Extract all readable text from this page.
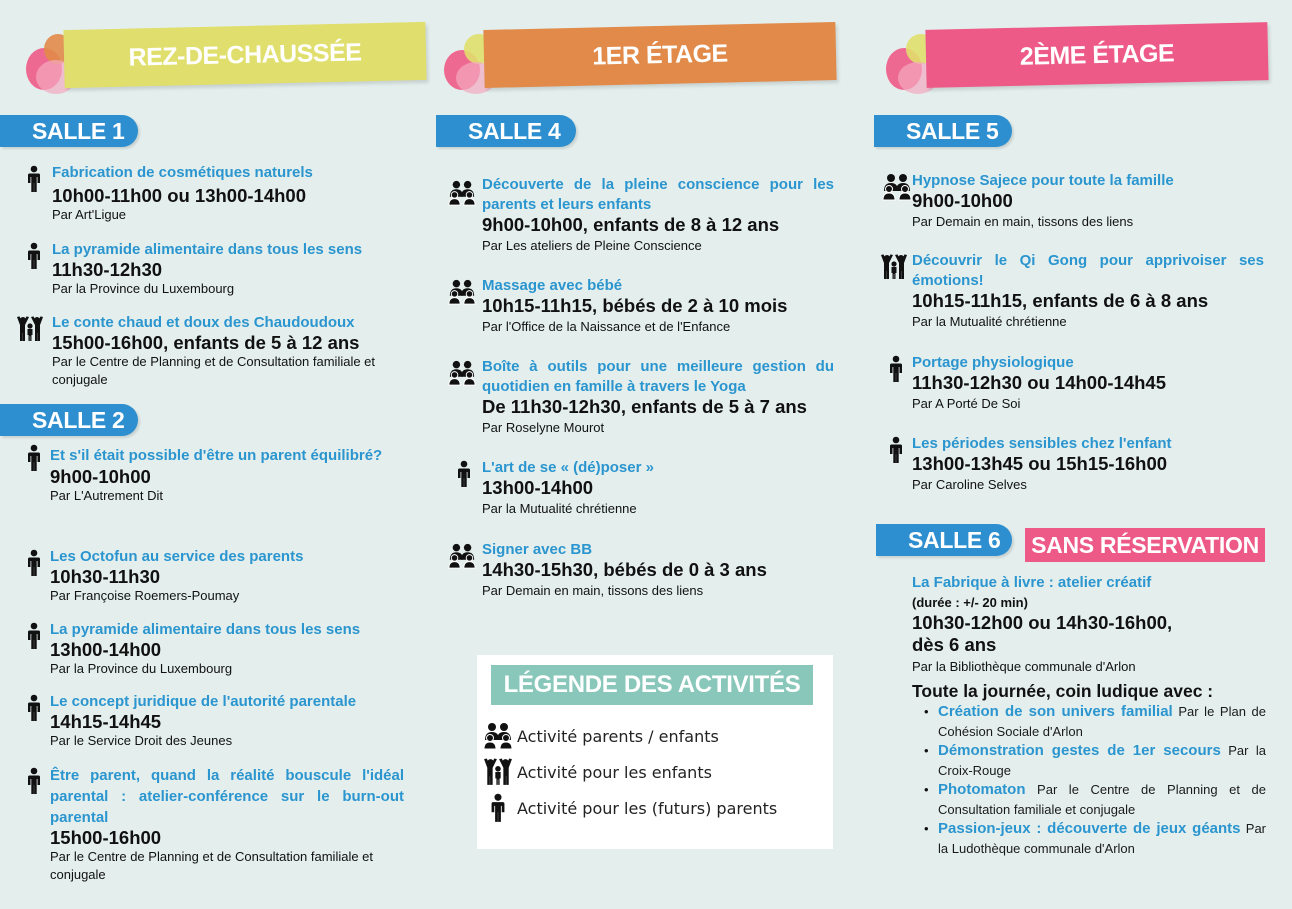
REZ-DE-CHAUSSÉE
SALLE 1
Fabrication de cosmétiques naturels
10h00-11h00 ou 13h00-14h00
Par Art'Ligue
La pyramide alimentaire dans tous les sens
11h30-12h30
Par la Province du Luxembourg
Le conte chaud et doux des Chaudoudoux
15h00-16h00, enfants de 5 à 12 ans
Par le Centre de Planning et de Consultation familiale et conjugale
SALLE 2
Et s'il était possible d'être un parent équilibré?
9h00-10h00
Par L'Autrement Dit
Les Octofun au service des parents
10h30-11h30
Par Françoise Roemers-Poumay
La pyramide alimentaire dans tous les sens
13h00-14h00
Par la Province du Luxembourg
Le concept juridique de l'autorité parentale
14h15-14h45
Par le Service Droit des Jeunes
Être parent, quand la réalité bouscule l'idéal parental : atelier-conférence sur le burn-out parental
15h00-16h00
Par le Centre de Planning et de Consultation familiale et conjugale
1ER ÉTAGE
SALLE 4
Découverte de la pleine conscience pour les parents et leurs enfants
9h00-10h00, enfants de 8 à 12 ans
Par Les ateliers de Pleine Conscience
Massage avec bébé
10h15-11h15, bébés de 2 à 10 mois
Par l'Office de la Naissance et de l'Enfance
Boîte à outils pour une meilleure gestion du quotidien en famille à travers le Yoga
De 11h30-12h30, enfants de 5 à 7 ans
Par Roselyne Mourot
L'art de se « (dé)poser »
13h00-14h00
Par la Mutualité chrétienne
Signer avec BB
14h30-15h30, bébés de 0 à 3 ans
Par Demain en main, tissons des liens
LÉGENDE DES ACTIVITÉS
Activité parents / enfants
Activité pour les enfants
Activité pour les (futurs) parents
2ÈME ÉTAGE
SALLE 5
Hypnose Sajece pour toute la famille
9h00-10h00
Par Demain en main, tissons des liens
Découvrir le Qi Gong pour apprivoiser ses émotions!
10h15-11h15, enfants de 6 à 8 ans
Par la Mutualité chrétienne
Portage physiologique
11h30-12h30 ou 14h00-14h45
Par A Porté De Soi
Les périodes sensibles chez l'enfant
13h00-13h45 ou 15h15-16h00
Par Caroline Selves
SALLE 6	SANS RÉSERVATION
La Fabrique à livre : atelier créatif
(durée : +/- 20 min)
10h30-12h00 ou 14h30-16h00, dès 6 ans
Par la Bibliothèque communale d'Arlon
Toute la journée, coin ludique avec :
• Création de son univers familial Par le Plan de Cohésion Sociale d'Arlon
• Démonstration gestes de 1er secours Par la Croix-Rouge
• Photomaton Par le Centre de Planning et de Consultation familiale et conjugale
• Passion-jeux : découverte de jeux géants Par la Ludothèque communale d'Arlon
